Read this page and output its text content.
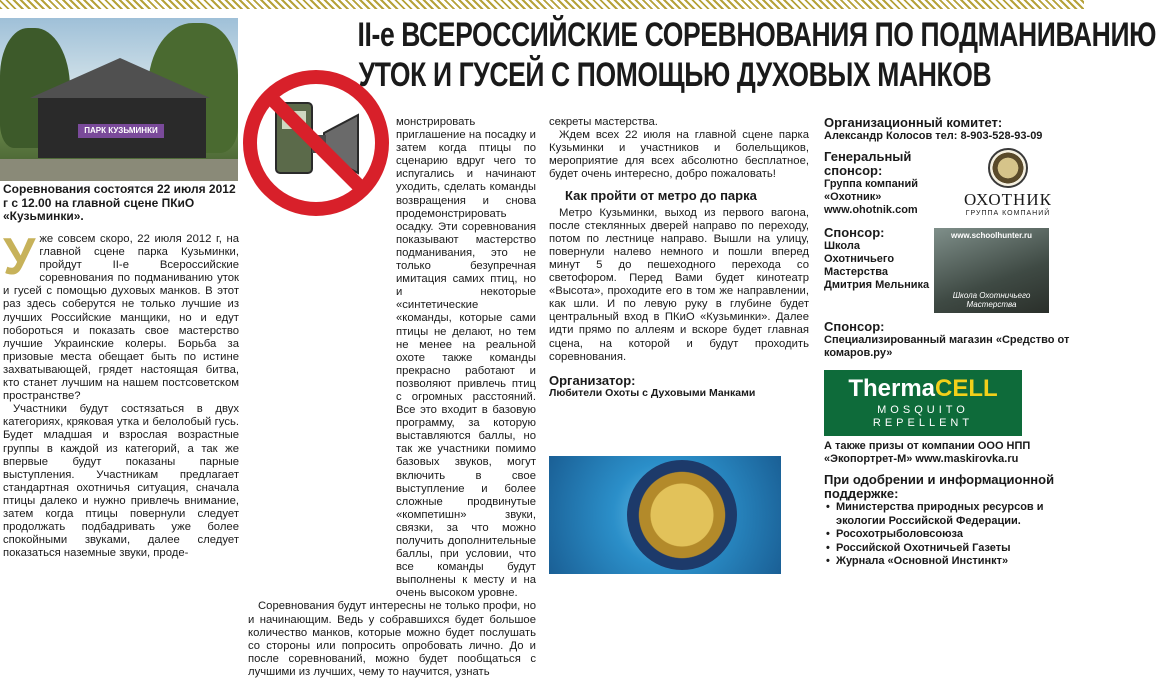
ПАРК КУЗЬМИНКИ
II-е ВСЕРОССИЙСКИЕ СОРЕВНОВАНИЯ ПО ПОДМАНИВАНИЮ
УТОК И ГУСЕЙ С ПОМОЩЬЮ ДУХОВЫХ МАНКОВ
Соревнования состоятся 22 июля 2012 г с 12.00 на главной сцене ПКиО «Кузьминки».
У же совсем скоро, 22 июля 2012 г, на главной сцене парка Кузьминки, пройдут II-е Всероссийские соревнования по подманиванию уток и гусей с помощью духовых манков. В этот раз здесь соберутся не только лучшие из лучших Российские манщики, но и едут побороться и показать свое мастерство лучшие Украинские колеры. Борьба за призовые места обещает быть по истине захватывающей, грядет настоящая битва, кто станет лучшим на нашем постсоветском пространстве?

Участники будут состязаться в двух категориях, кряковая утка и белолобый гусь. Будет младшая и взрослая возрастные группы в каждой из категорий, а так же впервые будут показаны парные выступления. Участникам предлагает стандартная охотничья ситуация, сначала птицы далеко и нужно привлечь внимание, затем когда птицы повернули следует продолжать подбадривать уже более спокойными звуками, далее следует показаться наземные звуки, проде-

монстрировать приглашение на посадку и затем когда птицы по сценарию вдруг чего то испугались и начинают уходить, сделать команды возвращения и снова продемонстрировать осадку. Эти соревнования показывают мастерство подманивания, это не только безупречная имитация самих птиц, но и некоторые «синтетические «команды, которые сами птицы не делают, но тем не менее на реальной охоте также команды прекрасно работают и позволяют привлечь птиц с огромных расстояний. Все это входит в базовую программу, за которую выставляются баллы, но так же участники помимо базовых звуков, могут включить в свое выступление и более сложные продвинутые «компетишн» звуки, связки, за что можно получить дополнительные баллы, при условии, что все команды будут выполнены к месту и на очень высоком уровне.

Соревнования будут интересны не только профи, но и начинающим. Ведь у собравшихся будет большое количество манков, которые можно будет послушать со стороны или попросить опробовать лично. До и после соревнований, можно будет пообщаться с лучшими из лучших, чему то научится, узнать

секреты мастерства.

Ждем всех 22 июля на главной сцене парка Кузьминки и участников и болельщиков, мероприятие для всех абсолютно бесплатное, будет очень интересно, добро пожаловать!

Как пройти от метро до парка

Метро Кузьминки, выход из первого вагона, после стеклянных дверей направо по переходу, потом по лестнице направо. Вышли на улицу, повернули налево немного и пошли вперед минут 5 до пешеходного перехода со светофором. Перед Вами будет кинотеатр «Высота», проходите его в том же направлении, как шли. И по левую руку в глубине будет центральный вход в ПКиО «Кузьминки». Далее идти прямо по аллеям и вскоре будет главная сцена, на которой и будут проходить соревнования.

Организатор:
Любители Охоты с Духовыми Манками
Организационный комитет:
Александр Колосов тел: 8-903-528-93-09
Генеральный спонсор:
Группа компаний «Охотник»
www.ohotnik.com
ОХОТНИК
ГРУППА КОМПАНИЙ
Спонсор:
Школа Охотничьего Мастерства Дмитрия Мельника
www.schoolhunter.ru
Школа Охотничьего Мастерства
Спонсор:
Специализированный магазин «Средство от комаров.ру»
ThermaCELL
MOSQUITO
REPELLENT
А также призы от компании ООО НПП «Экопортрет-М» www.maskirovka.ru
При одобрении и информационной поддержке:
• Министерства природных ресурсов и экологии Российской Федерации.
• Росохотрыболовсоюза
• Российской Охотничьей Газеты
• Журнала «Основной Инстинкт»
